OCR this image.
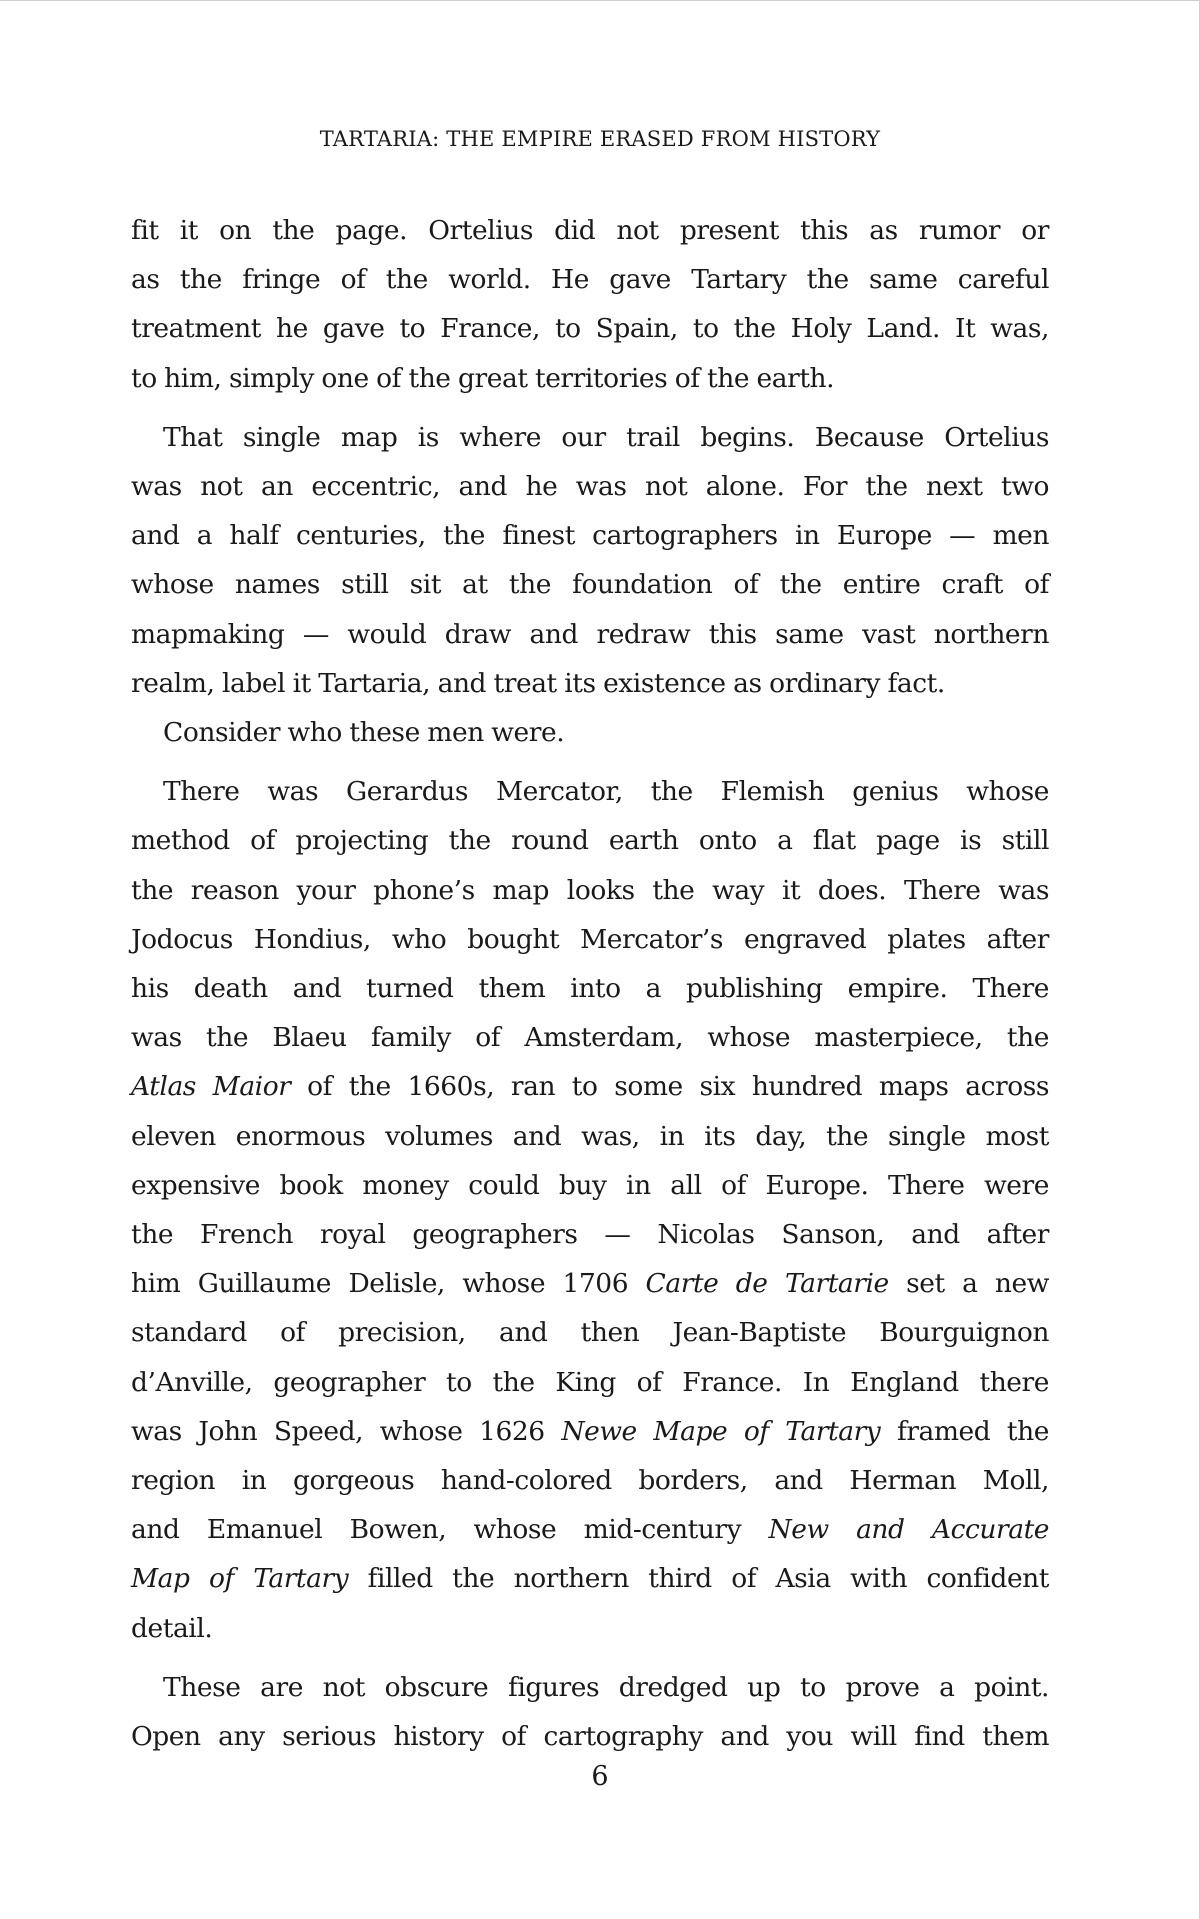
TARTARIA: THE EMPIRE ERASED FROM HISTORY

fit it on the page. Ortelius did not present this as rumor or
as the fringe of the world. He gave Tartary the same careful
treatment he gave to France, to Spain, to the Holy Land. It was,
to him, simply one of the great territories of the earth.

That single map is where our trail begins. Because Ortelius
was not an eccentric, and he was not alone. For the next two
and a half centuries, the finest cartographers in Europe — men
whose names still sit at the foundation of the entire craft of
mapmaking — would draw and redraw this same vast northern
realm, label it Tartaria, and treat its existence as ordinary fact.

Consider who these men were.

There was Gerardus Mercator, the Flemish genius whose
method of projecting the round earth onto a flat page is still
the reason your phone’s map looks the way it does. There was
Jodocus Hondius, who bought Mercator’s engraved plates after
his death and turned them into a publishing empire. There
was the Blaeu family of Amsterdam, whose masterpiece, the
Atlas Maior of the 1660s, ran to some six hundred maps across
eleven enormous volumes and was, in its day, the single most
expensive book money could buy in all of Europe. There were
the French royal geographers — Nicolas Sanson, and after
him Guillaume Delisle, whose 1706 Carte de Tartarie set a new
standard of precision, and then Jean-Baptiste Bourguignon
d’Anville, geographer to the King of France. In England there
was John Speed, whose 1626 Newe Mape of Tartary framed the
region in gorgeous hand-colored borders, and Herman Moll,
and Emanuel Bowen, whose mid-century New and Accurate
Map of Tartary filled the northern third of Asia with confident
detail.

These are not obscure figures dredged up to prove a point.
Open any serious history of cartography and you will find them

6
